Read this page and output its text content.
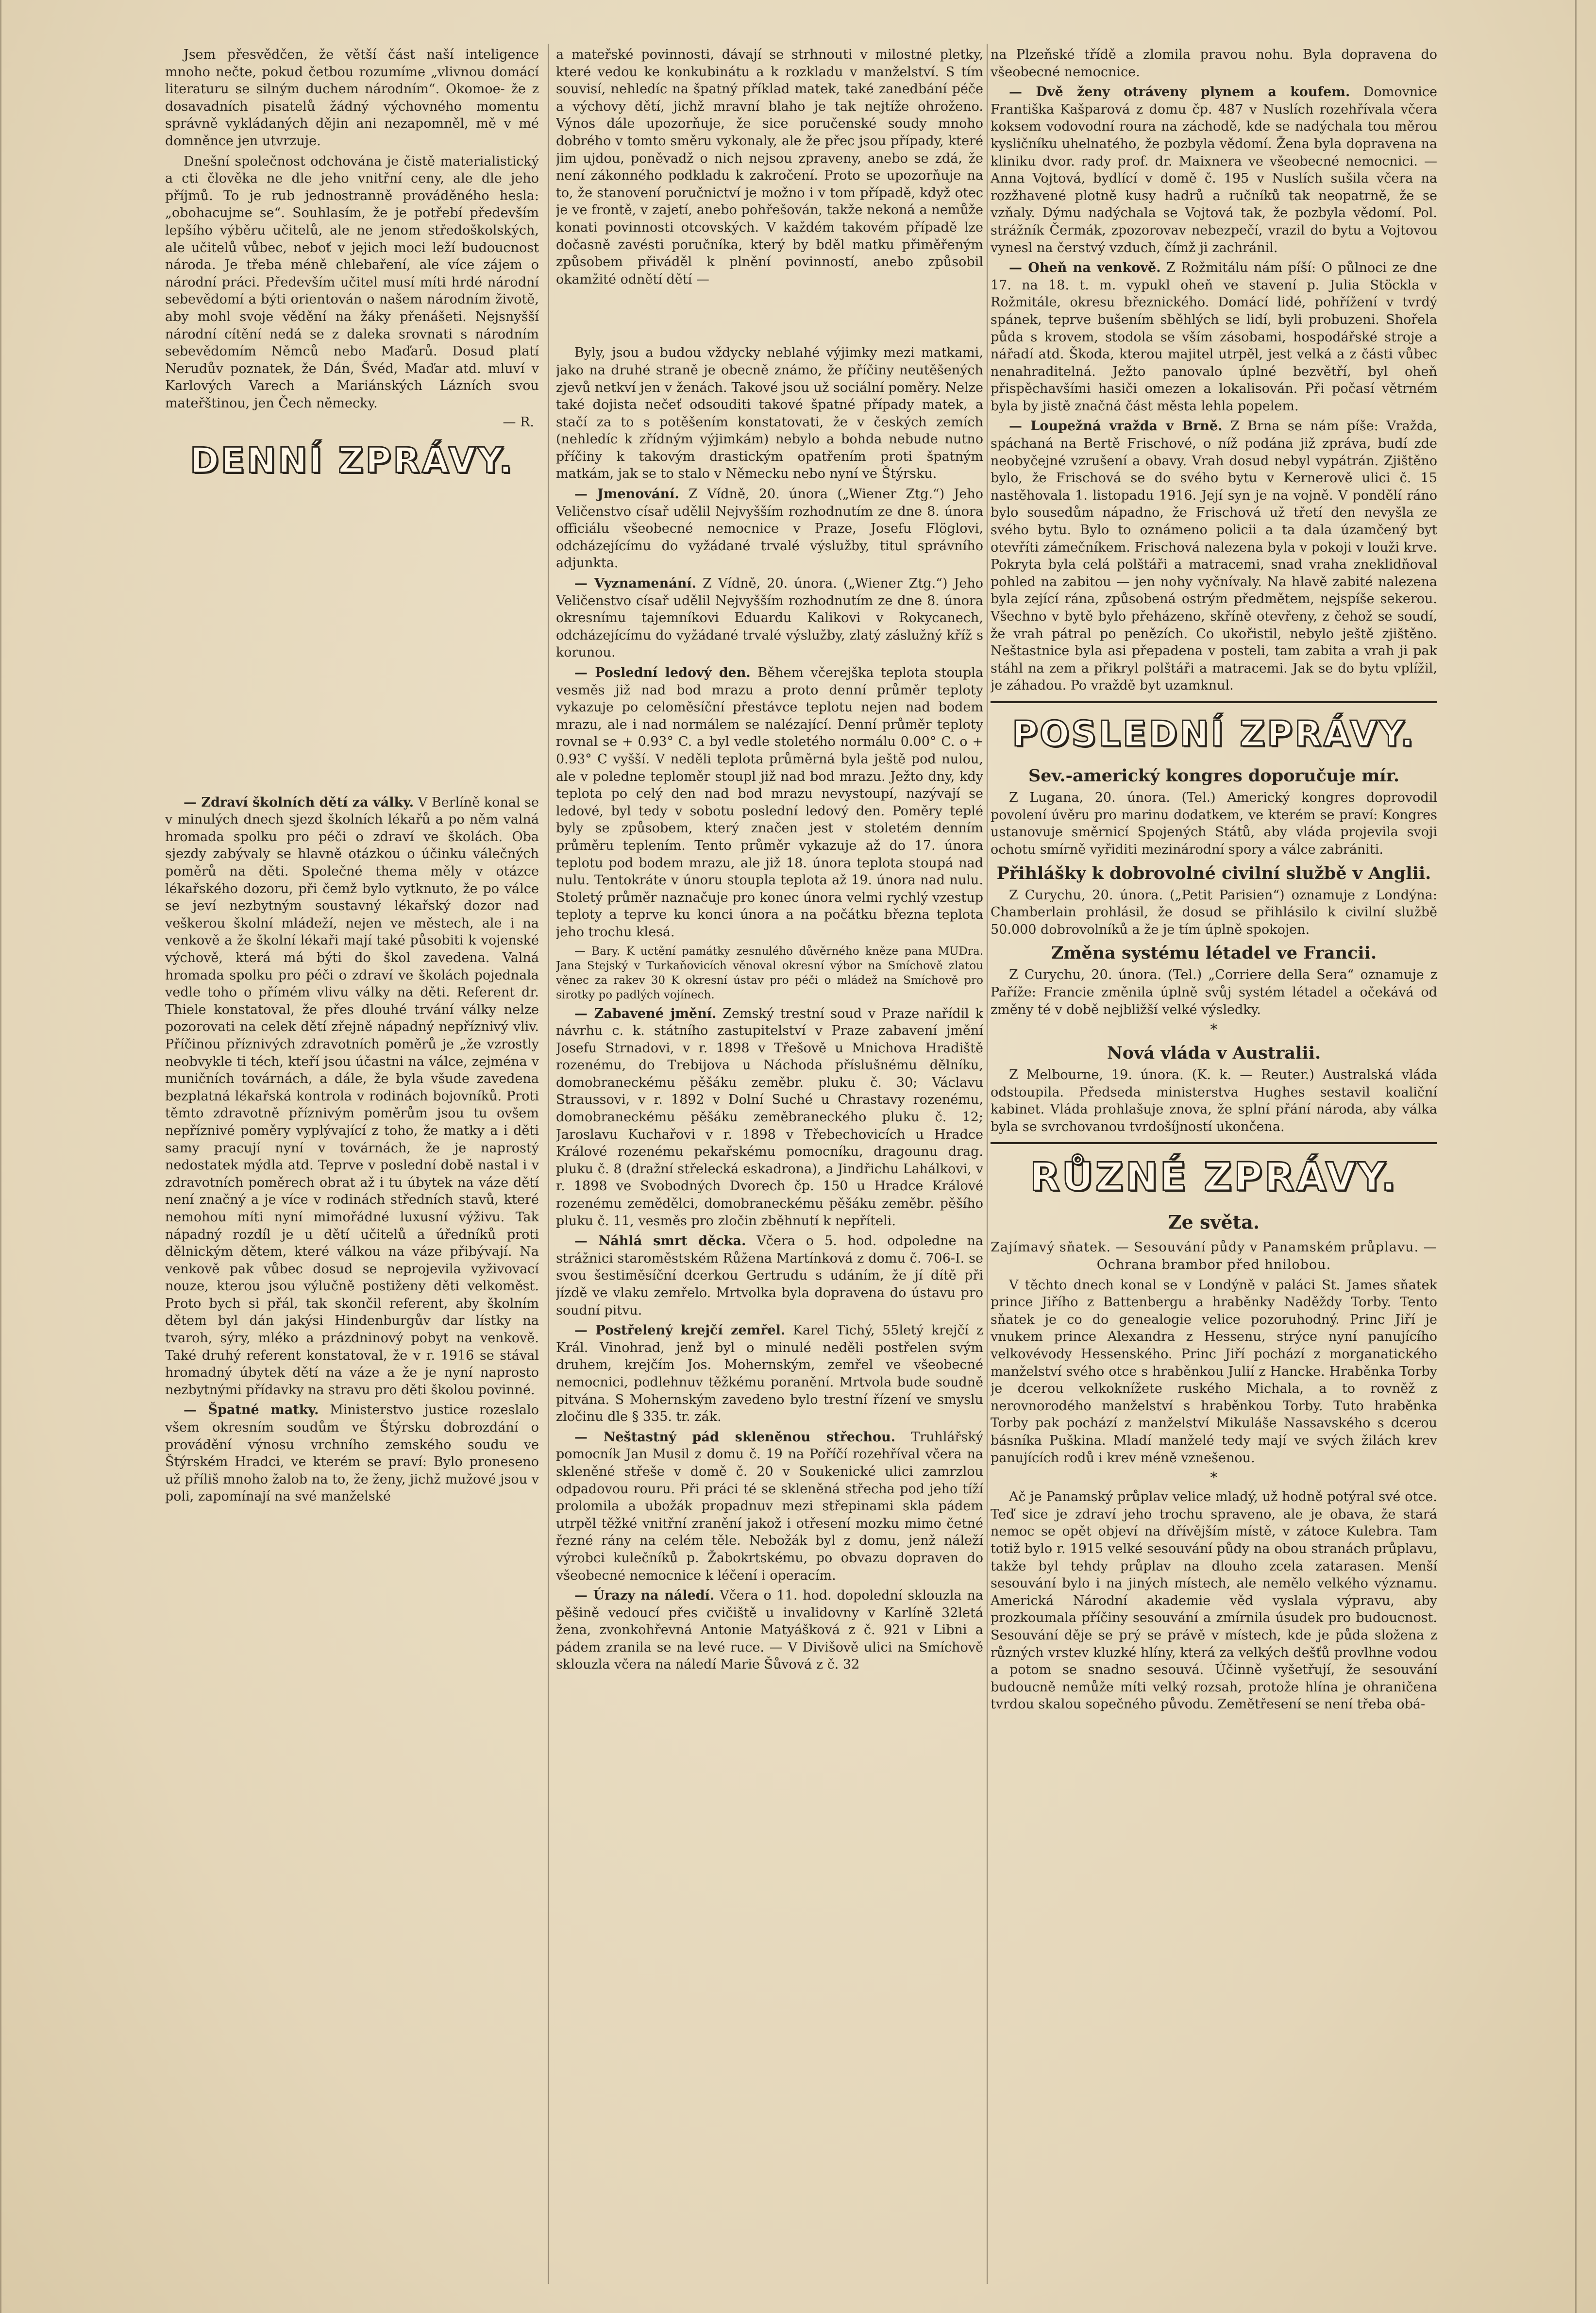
Jsem přesvědčen, že větší část naší inteligence mnoho nečte, pokud četbou rozumíme „vlivnou domácí literaturu se silným duchem národním“. Okomoe- že z dosavadních pisatelů žádný výchovného momentu správně vykládaných dějin ani nezapomněl, mě v mé domněnce jen utvrzuje.

Dnešní společnost odchována je čistě materialistický a cti člověka ne dle jeho vnitřní ceny, ale dle jeho příjmů. To je rub jednostranně prováděného hesla: „obohacujme se“. Souhlasím, že je potřebí především lepšího výběru učitelů, ale ne jenom středoškolských, ale učitelů vůbec, neboť v jejich moci leží budoucnost národa. Je třeba méně chlebaření, ale více zájem o národní práci. Především učitel musí míti hrdé národní sebevědomí a býti orientován o našem národním životě, aby mohl svoje vědění na žáky přenášeti. Nejsnyšší národní cítění nedá se z daleka srovnati s národním sebevědomím Němců nebo Maďarů. Dosud platí Nerudův poznatek, že Dán, Švéd, Maďar atd. mluví v Karlových Varech a Mariánských Lázních svou mateřštinou, jen Čech německy.

— R.
DENNÍ ZPRÁVY.

— Zdraví školních dětí za války. V Berlíně konal se v minulých dnech sjezd školních lékařů a po něm valná hromada spolku pro péči o zdraví ve školách. Oba sjezdy zabývaly se hlavně otázkou o účinku válečných poměrů na děti. Společné thema měly v otázce lékařského dozoru, při čemž bylo vytknuto, že po válce se jeví nezbytným soustavný lékařský dozor nad veškerou školní mládeží, nejen ve městech, ale i na venkově a že školní lékaři mají také působiti k vojenské výchově, která má býti do škol zavedena. Valná hromada spolku pro péči o zdraví ve školách pojednala vedle toho o přímém vlivu války na děti. Referent dr. Thiele konstatoval, že přes dlouhé trvání války nelze pozorovati na celek dětí zřejně nápadný nepříznivý vliv. Příčinou příznivých zdravotních poměrů je „že vzrostly neobvykle ti téch, kteří jsou účastni na válce, zejména v muničních továrnách, a dále, že byla všude zavedena bezplatná lékařská kontrola v rodinách bojovníků. Proti těmto zdravotně příznivým poměrům jsou tu ovšem nepříznivé poměry vyplývající z toho, že matky a i děti samy pracují nyní v továrnách, že je naprostý nedostatek mýdla atd. Teprve v poslední době nastal i v zdravotních poměrech obrat až i tu úbytek na váze dětí není značný a je více v rodinách středních stavů, které nemohou míti nyní mimořádné luxusní výživu. Tak nápadný rozdíl je u dětí učitelů a úředníků proti dělnickým dětem, které válkou na váze přibývají. Na venkově pak vůbec dosud se neprojevila vyživovací nouze, kterou jsou výlučně postiženy děti velkoměst. Proto bych si přál, tak skončil referent, aby školním dětem byl dán jakýsi Hindenburgův dar lístky na tvaroh, sýry, mléko a prázdninový pobyt na venkově. Také druhý referent konstatoval, že v r. 1916 se stával hromadný úbytek dětí na váze a že je nyní naprosto nezbytnými přídavky na stravu pro děti školou povinné.

— Špatné matky. Ministerstvo justice rozeslalo všem okresním soudům ve Štýrsku dobrozdání o provádění výnosu vrchního zemského soudu ve Štýrském Hradci, ve kterém se praví: Bylo proneseno už příliš mnoho žalob na to, že ženy, jichž mužové jsou v poli, zapomínají na své manželské

a mateřské povinnosti, dávají se strhnouti v milostné pletky, které vedou ke konkubinátu a k rozkladu v manželství. S tím souvisí, nehledíc na špatný příklad matek, také zanedbání péče a výchovy dětí, jichž mravní blaho je tak nejtíže ohroženo. Výnos dále upozorňuje, že sice poručenské soudy mnoho dobrého v tomto směru vykonaly, ale že přec jsou případy, které jim ujdou, poněvadž o nich nejsou zpraveny, anebo se zdá, že není zákonného podkladu k zakročení. Proto se upozorňuje na to, že stanovení poručnictví je možno i v tom případě, když otec je ve frontě, v zajetí, anebo pohřešován, takže nekoná a nemůže konati povinnosti otcovských. V každém takovém případě lze dočasně zavésti poručníka, který by bděl matku přiměřeným způsobem přiváděl k plnění povinností, anebo způsobil okamžité odnětí dětí —

Byly, jsou a budou vždycky neblahé výjimky mezi matkami, jako na druhé straně je obecně známo, že příčiny neutěšených zjevů netkví jen v ženách. Takové jsou už sociální poměry. Nelze také dojista nečeť odsouditi takové špatné případy matek, a stačí za to s potěšením konstatovati, že v českých zemích (nehledíc k zřídným výjimkám) nebylo a bohda nebude nutno příčiny k takovým drastickým opatřením proti špatným matkám, jak se to stalo v Německu nebo nyní ve Štýrsku.

— Jmenování. Z Vídně, 20. února („Wiener Ztg.“) Jeho Veličenstvo císař udělil Nejvyšším rozhodnutím ze dne 8. února officiálu všeobecné nemocnice v Praze, Josefu Flöglovi, odcházejícímu do vyžádané trvalé výslužby, titul správního adjunkta.

— Vyznamenání. Z Vídně, 20. února. („Wiener Ztg.“) Jeho Veličenstvo císař udělil Nejvyšším rozhodnutím ze dne 8. února okresnímu tajemníkovi Eduardu Kalikovi v Rokycanech, odcházejícímu do vyžádané trvalé výslužby, zlatý záslužný kříž s korunou.

— Poslední ledový den. Během včerejška teplota stoupla vesměs již nad bod mrazu a proto denní průměr teploty vykazuje po celoměsíční přestávce teplotu nejen nad bodem mrazu, ale i nad normálem se nalézající. Denní průměr teploty rovnal se + 0.93° C. a byl vedle stoletého normálu 0.00° C. o + 0.93° C vyšší. V neděli teplota průměrná byla ještě pod nulou, ale v poledne teploměr stoupl již nad bod mrazu. Ježto dny, kdy teplota po celý den nad bod mrazu nevystoupí, nazývají se ledové, byl tedy v sobotu poslední ledový den. Poměry teplé byly se způsobem, který značen jest v stoletém denním průměru teplením. Tento průměr vykazuje až do 17. února teplotu pod bodem mrazu, ale již 18. února teplota stoupá nad nulu. Tentokráte v únoru stoupla teplota až 19. února nad nulu. Stoletý průměr naznačuje pro konec února velmi rychlý vzestup teploty a teprve ku konci února a na počátku března teplota jeho trochu klesá.

— Bary. K uctění památky zesnulého důvěrného kněze pana MUDra. Jana Stejský v Turkaňovicích věnoval okresní výbor na Smíchově zlatou věnec za rakev 30 K okresní ústav pro péči o mládež na Smíchově pro sirotky po padlých vojínech.

— Zabavené jmění. Zemský trestní soud v Praze nařídil k návrhu c. k. státního zastupitelství v Praze zabavení jmění Josefu Strnadovi, v r. 1898 v Třešově u Mnichova Hradiště rozenému, do Trebijova u Náchoda příslušnému dělníku, domobraneckému pěšáku zeměbr. pluku č. 30; Václavu Straussovi, v r. 1892 v Dolní Suché u Chrastavy rozenému, domobraneckému pěšáku zeměbraneckého pluku č. 12; Jaroslavu Kuchařovi v r. 1898 v Třebechovicích u Hradce Králové rozenému pekařskému pomocníku, dragounu drag. pluku č. 8 (dražní střelecká eskadrona), a Jindřichu Lahálkovi, v r. 1898 ve Svobodných Dvorech čp. 150 u Hradce Králové rozenému zemědělci, domobraneckému pěšáku zeměbr. pěšího pluku č. 11, vesměs pro zločin zběhnutí k nepříteli.

— Náhlá smrt děcka. Včera o 5. hod. odpoledne na strážnici staroměstském Růžena Martínková z domu č. 706-I. se svou šestiměsíční dcerkou Gertrudu s udáním, že jí dítě při jízdě ve vlaku zemřelo. Mrtvolka byla dopravena do ústavu pro soudní pitvu.

— Postřelený krejčí zemřel. Karel Tichý, 55letý krejčí z Král. Vinohrad, jenž byl o minulé neděli postřelen svým druhem, krejčím Jos. Mohernským, zemřel ve všeobecné nemocnici, podlehnuv těžkému poranění. Mrtvola bude soudně pitvána. S Mohernským zavedeno bylo trestní řízení ve smyslu zločinu dle § 335. tr. zák.

— Neštastný pád skleněnou střechou. Truhlářský pomocník Jan Musil z domu č. 19 na Poříčí rozehříval včera na skleněné střeše v domě č. 20 v Soukenické ulici zamrzlou odpadovou rouru. Při práci té se skleněná střecha pod jeho tíží prolomila a ubožák propadnuv mezi střepinami skla pádem utrpěl těžké vnitřní zranění jakož i otřesení mozku mimo četné řezné rány na celém těle. Nebožák byl z domu, jenž náleží výrobci kulečníků p. Žabokrtskému, po obvazu dopraven do všeobecné nemocnice k léčení i operacím.

— Úrazy na náledí. Včera o 11. hod. dopolední sklouzla na pěšině vedoucí přes cvičiště u invalidovny v Karlíně 32letá žena, zvonkohřevná Antonie Matyášková z č. 921 v Libni a pádem zranila se na levé ruce. — V Divišově ulici na Smíchově sklouzla včera na náledí Marie Šůvová z č. 32

na Plzeňské třídě a zlomila pravou nohu. Byla dopravena do všeobecné nemocnice.

— Dvě ženy otráveny plynem a koufem. Domovnice Františka Kašparová z domu čp. 487 v Nuslích rozehřívala včera koksem vodovodní roura na záchodě, kde se nadýchala tou měrou kysličníku uhelnatého, že pozbyla vědomí. Žena byla dopravena na kliniku dvor. rady prof. dr. Maixnera ve všeobecné nemocnici. — Anna Vojtová, bydlící v domě č. 195 v Nuslích sušila včera na rozžhavené plotně kusy hadrů a ručníků tak neopatrně, že se vzňaly. Dýmu nadýchala se Vojtová tak, že pozbyla vědomí. Pol. strážník Čermák, zpozorovav nebezpečí, vrazil do bytu a Vojtovou vynesl na čerstvý vzduch, čímž ji zachránil.

— Oheň na venkově. Z Rožmitálu nám píší: O půlnoci ze dne 17. na 18. t. m. vypukl oheň ve stavení p. Julia Stöckla v Rožmitále, okresu březnického. Domácí lidé, pohřížení v tvrdý spánek, teprve bušením sběhlých se lidí, byli probuzeni. Shořela půda s krovem, stodola se vším zásobami, hospodářské stroje a nářadí atd. Škoda, kterou majitel utrpěl, jest velká a z části vůbec nenahraditelná. Ježto panovalo úplné bezvětří, byl oheň přispěchavšími hasiči omezen a lokalisován. Při počasí větrném byla by jistě značná část města lehla popelem.

— Loupežná vražda v Brně. Z Brna se nám píše: Vražda, spáchaná na Bertě Frischové, o níž podána již zpráva, budí zde neobyčejné vzrušení a obavy. Vrah dosud nebyl vypátrán. Zjištěno bylo, že Frischová se do svého bytu v Kernerově ulici č. 15 nastěhovala 1. listopadu 1916. Její syn je na vojně. V pondělí ráno bylo sousedům nápadno, že Frischová už třetí den nevyšla ze svého bytu. Bylo to oznámeno policii a ta dala úzamčený byt otevříti zámečníkem. Frischová nalezena byla v pokoji v louži krve. Pokryta byla celá polštáři a matracemi, snad vraha zneklidňoval pohled na zabitou — jen nohy vyčnívaly. Na hlavě zabité nalezena byla zející rána, způsobená ostrým předmětem, nejspíše sekerou. Všechno v bytě bylo přeházeno, skříně otevřeny, z čehož se soudí, že vrah pátral po penězích. Co ukořistil, nebylo ještě zjištěno. Neštastnice byla asi přepadena v posteli, tam zabita a vrah ji pak stáhl na zem a přikryl polštáři a matracemi. Jak se do bytu vplížil, je záhadou. Po vraždě byt uzamknul.

POSLEDNÍ ZPRÁVY.
Sev.-americký kongres doporučuje mír.

Z Lugana, 20. února. (Tel.) Americký kongres doprovodil povolení úvěru pro marinu dodatkem, ve kterém se praví: Kongres ustanovuje směrnicí Spojených Států, aby vláda projevila svoji ochotu smírně vyřiditi mezinárodní spory a válce zabrániti.

Přihlášky k dobrovolné civilní službě v Anglii.

Z Curychu, 20. února. („Petit Parisien“) oznamuje z Londýna: Chamberlain prohlásil, že dosud se přihlásilo k civilní službě 50.000 dobrovolníků a že je tím úplně spokojen.

Změna systému létadel ve Francii.

Z Curychu, 20. února. (Tel.) „Corriere della Sera“ oznamuje z Paříže: Francie změnila úplně svůj systém létadel a očekává od změny té v době nejbližší velké výsledky.

*
Nová vláda v Australii.

Z Melbourne, 19. února. (K. k. — Reuter.) Australská vláda odstoupila. Předseda ministerstva Hughes sestavil koaliční kabinet. Vláda prohlašuje znova, že splní přání národa, aby válka byla se svrchovanou tvrdošíjností ukončena.

RŮZNÉ ZPRÁVY.
Ze světa.

Zajímavý sňatek. — Sesouvání půdy v Panamském průplavu. — Ochrana brambor před hnilobou.

V těchto dnech konal se v Londýně v paláci St. James sňatek prince Jiřího z Battenbergu a hraběnky Naděždy Torby. Tento sňatek je co do genealogie velice pozoruhodný. Princ Jiří je vnukem prince Alexandra z Hessenu, strýce nyní panujícího velkovévody Hessenského. Princ Jiří pochází z morganatického manželství svého otce s hraběnkou Julií z Hancke. Hraběnka Torby je dcerou velkoknížete ruského Michala, a to rovněž z nerovnorodého manželství s hraběnkou Torby. Tuto hraběnka Torby pak pochází z manželství Mikuláše Nassavského s dcerou básníka Puškina. Mladí manželé tedy mají ve svých žilách krev panujících rodů i krev méně vznešenou.

*

Ač je Panamský průplav velice mladý, už hodně potýral své otce. Teď sice je zdraví jeho trochu spraveno, ale je obava, že stará nemoc se opět objeví na dřívějším místě, v zátoce Kulebra. Tam totiž bylo r. 1915 velké sesouvání půdy na obou stranách průplavu, takže byl tehdy průplav na dlouho zcela zatarasen. Menší sesouvání bylo i na jiných místech, ale nemělo velkého významu. Americká Národní akademie věd vyslala výpravu, aby prozkoumala příčiny sesouvání a zmírnila úsudek pro budoucnost. Sesouvání děje se prý se právě v místech, kde je půda složena z různých vrstev kluzké hlíny, která za velkých dešťů provlhne vodou a potom se snadno sesouvá. Účinně vyšetřují, že sesouvání budoucně nemůže míti velký rozsah, protože hlína je ohraničena tvrdou skalou sopečného původu. Zemětřesení se není třeba obá-
